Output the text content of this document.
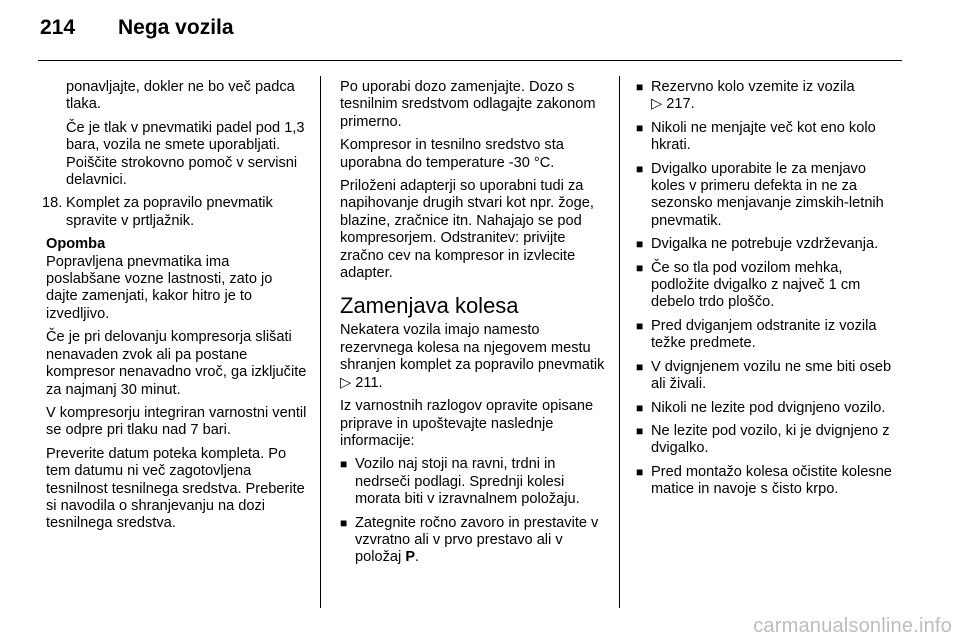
214 Nega vozila

ponavljajte, dokler ne bo več padca tlaka.

Če je tlak v pnevmatiki padel pod 1,3 bara, vozila ne smete uporabljati. Poiščite strokovno pomoč v servisni delavnici.

18. Komplet za popravilo pnevmatik spravite v prtljažnik.

Opomba

Popravljena pnevmatika ima poslabšane vozne lastnosti, zato jo dajte zamenjati, kakor hitro je to izvedljivo.

Če je pri delovanju kompresorja slišati nenavaden zvok ali pa postane kompresor nenavadno vroč, ga izključite za najmanj 30 minut.

V kompresorju integriran varnostni ventil se odpre pri tlaku nad 7 bari.

Preverite datum poteka kompleta. Po tem datumu ni več zagotovljena tesnilnost tesnilnega sredstva. Preberite si navodila o shranjevanju na dozi tesnilnega sredstva.

Po uporabi dozo zamenjajte. Dozo s tesnilnim sredstvom odlagajte zakonom primerno.

Kompresor in tesnilno sredstvo sta uporabna do temperature -30 °C.

Priloženi adapterji so uporabni tudi za napihovanje drugih stvari kot npr. žoge, blazine, zračnice itn. Nahajajo se pod kompresorjem. Odstranitev: privijte zračno cev na kompresor in izvlecite adapter.

Zamenjava kolesa

Nekatera vozila imajo namesto rezervnega kolesa na njegovem mestu shranjen komplet za popravilo pnevmatik ▷ 211.

Iz varnostnih razlogov opravite opisane priprave in upoštevajte naslednje informacije:

■ Vozilo naj stoji na ravni, trdni in nedrseči podlagi. Sprednji kolesi morata biti v izravnalnem položaju.
■ Zategnite ročno zavoro in prestavite v vzvratno ali v prvo prestavo ali v položaj P.
■ Rezervno kolo vzemite iz vozila
▷ 217.
■ Nikoli ne menjajte več kot eno kolo hkrati.
■ Dvigalko uporabite le za menjavo koles v primeru defekta in ne za sezonsko menjavanje zimskih-letnih pnevmatik.
■ Dvigalka ne potrebuje vzdrževanja.
■ Če so tla pod vozilom mehka, podložite dvigalko z največ 1 cm debelo trdo ploščo.
■ Pred dviganjem odstranite iz vozila težke predmete.
■ V dvignjenem vozilu ne sme biti oseb ali živali.
■ Nikoli ne lezite pod dvignjeno vozilo.
■ Ne lezite pod vozilo, ki je dvignjeno z dvigalko.
■ Pred montažo kolesa očistite kolesne matice in navoje s čisto krpo.
carmanualsonline.info
